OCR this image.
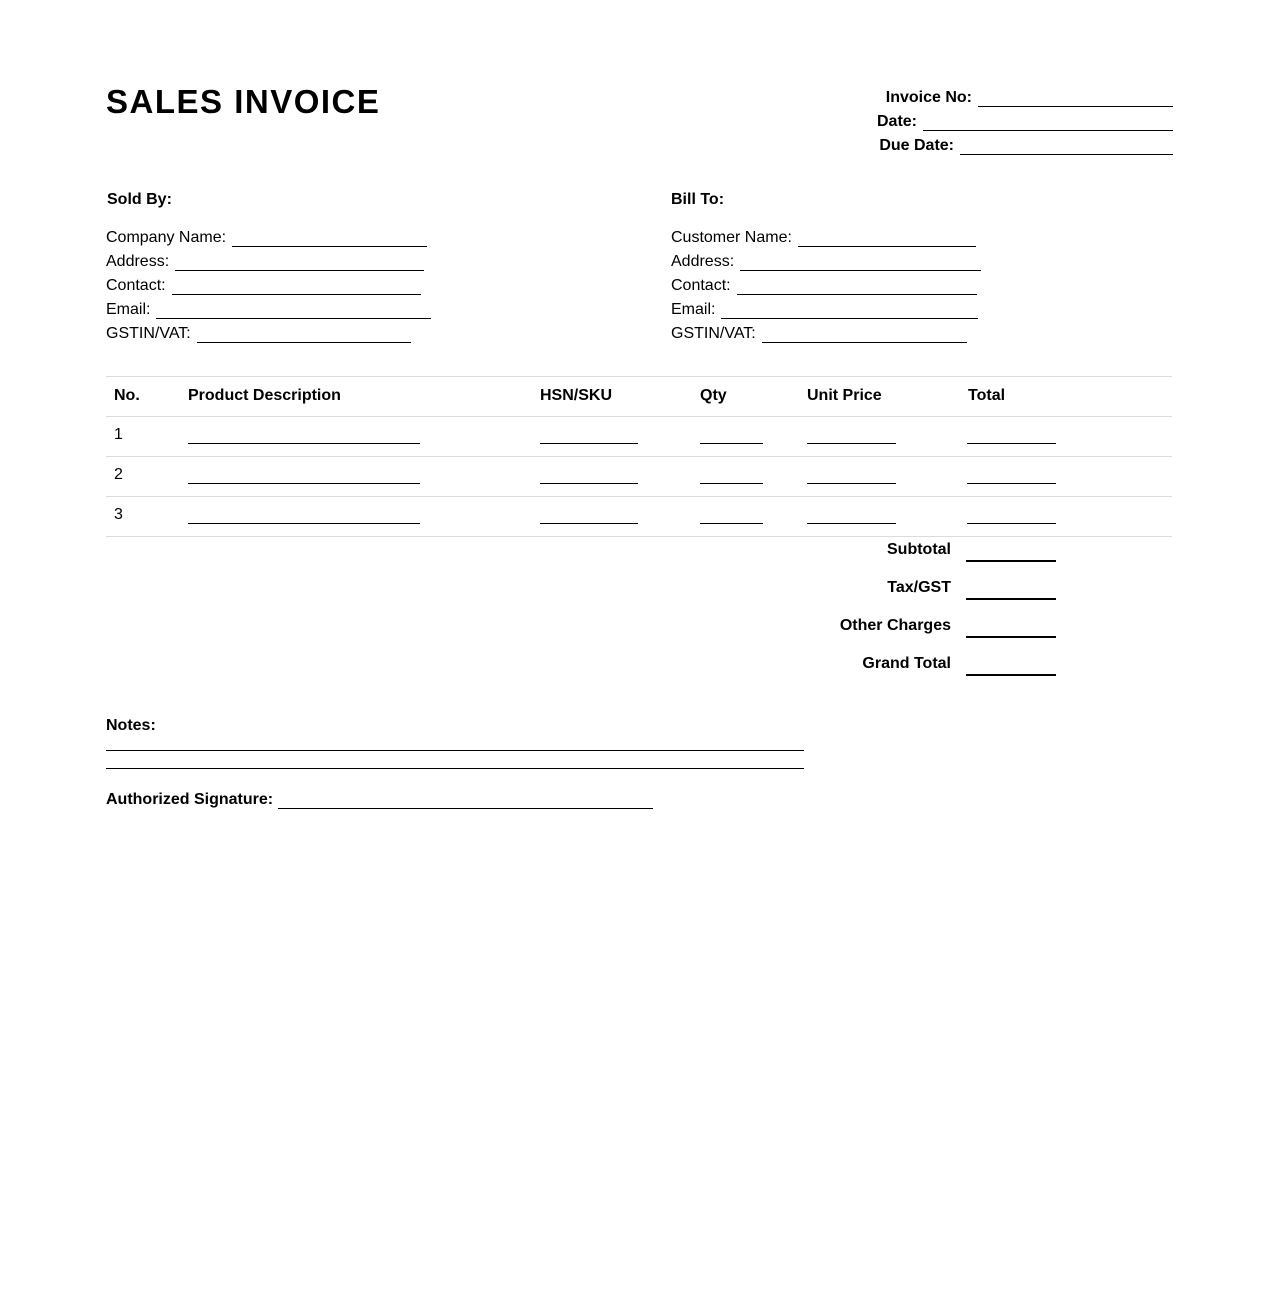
SALES INVOICE	Invoice No:
Date:
Due Date:
Sold By:
Company Name:
Address:
Contact:
Email:
GSTIN/VAT:
Bill To:
Customer Name:
Address:
Contact:
Email:
GSTIN/VAT:
No.	Product Description	HSN/SKU	Qty	Unit Price	Total
1
2
3
Subtotal
Tax/GST
Other Charges
Grand Total
Notes:
Authorized Signature:
